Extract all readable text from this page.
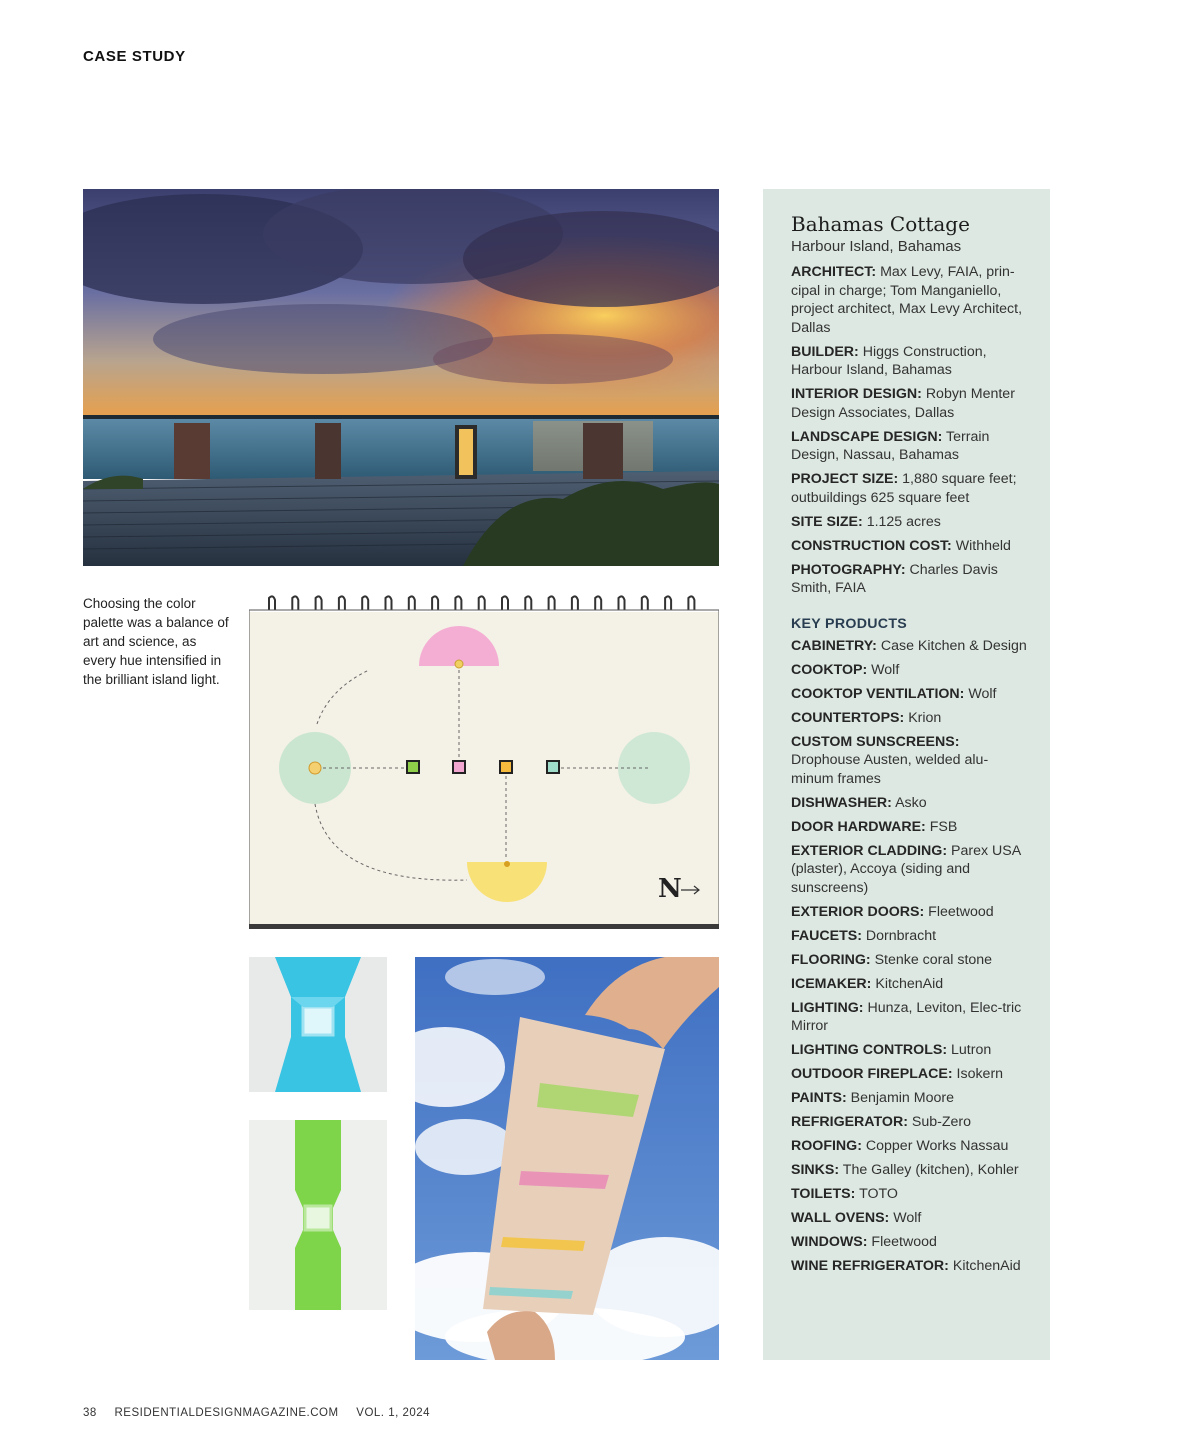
CASE STUDY
Choosing the color palette was a balance of art and science, as every hue intensified in the brilliant island light.
N
Bahamas Cottage
Harbour Island, Bahamas
ARCHITECT: Max Levy, FAIA, prin-cipal in charge; Tom Manganiello, project architect, Max Levy Architect, Dallas
BUILDER: Higgs Construction, Harbour Island, Bahamas
INTERIOR DESIGN: Robyn Menter Design Associates, Dallas
LANDSCAPE DESIGN: Terrain Design, Nassau, Bahamas
PROJECT SIZE: 1,880 square feet; outbuildings 625 square feet
SITE SIZE: 1.125 acres
CONSTRUCTION COST: Withheld
PHOTOGRAPHY: Charles Davis Smith, FAIA
KEY PRODUCTS
CABINETRY: Case Kitchen & Design
COOKTOP: Wolf
COOKTOP VENTILATION: Wolf
COUNTERTOPS: Krion
CUSTOM SUNSCREENS: Drophouse Austen, welded alu-minum frames
DISHWASHER: Asko
DOOR HARDWARE: FSB
EXTERIOR CLADDING: Parex USA (plaster), Accoya (siding and sunscreens)
EXTERIOR DOORS: Fleetwood
FAUCETS: Dornbracht
FLOORING: Stenke coral stone
ICEMAKER: KitchenAid
LIGHTING: Hunza, Leviton, Elec-tric Mirror
LIGHTING CONTROLS: Lutron
OUTDOOR FIREPLACE: Isokern
PAINTS: Benjamin Moore
REFRIGERATOR: Sub-Zero
ROOFING: Copper Works Nassau
SINKS: The Galley (kitchen), Kohler
TOILETS: TOTO
WALL OVENS: Wolf
WINDOWS: Fleetwood
WINE REFRIGERATOR: KitchenAid
38 RESIDENTIALDESIGNMAGAZINE.COM VOL. 1, 2024
